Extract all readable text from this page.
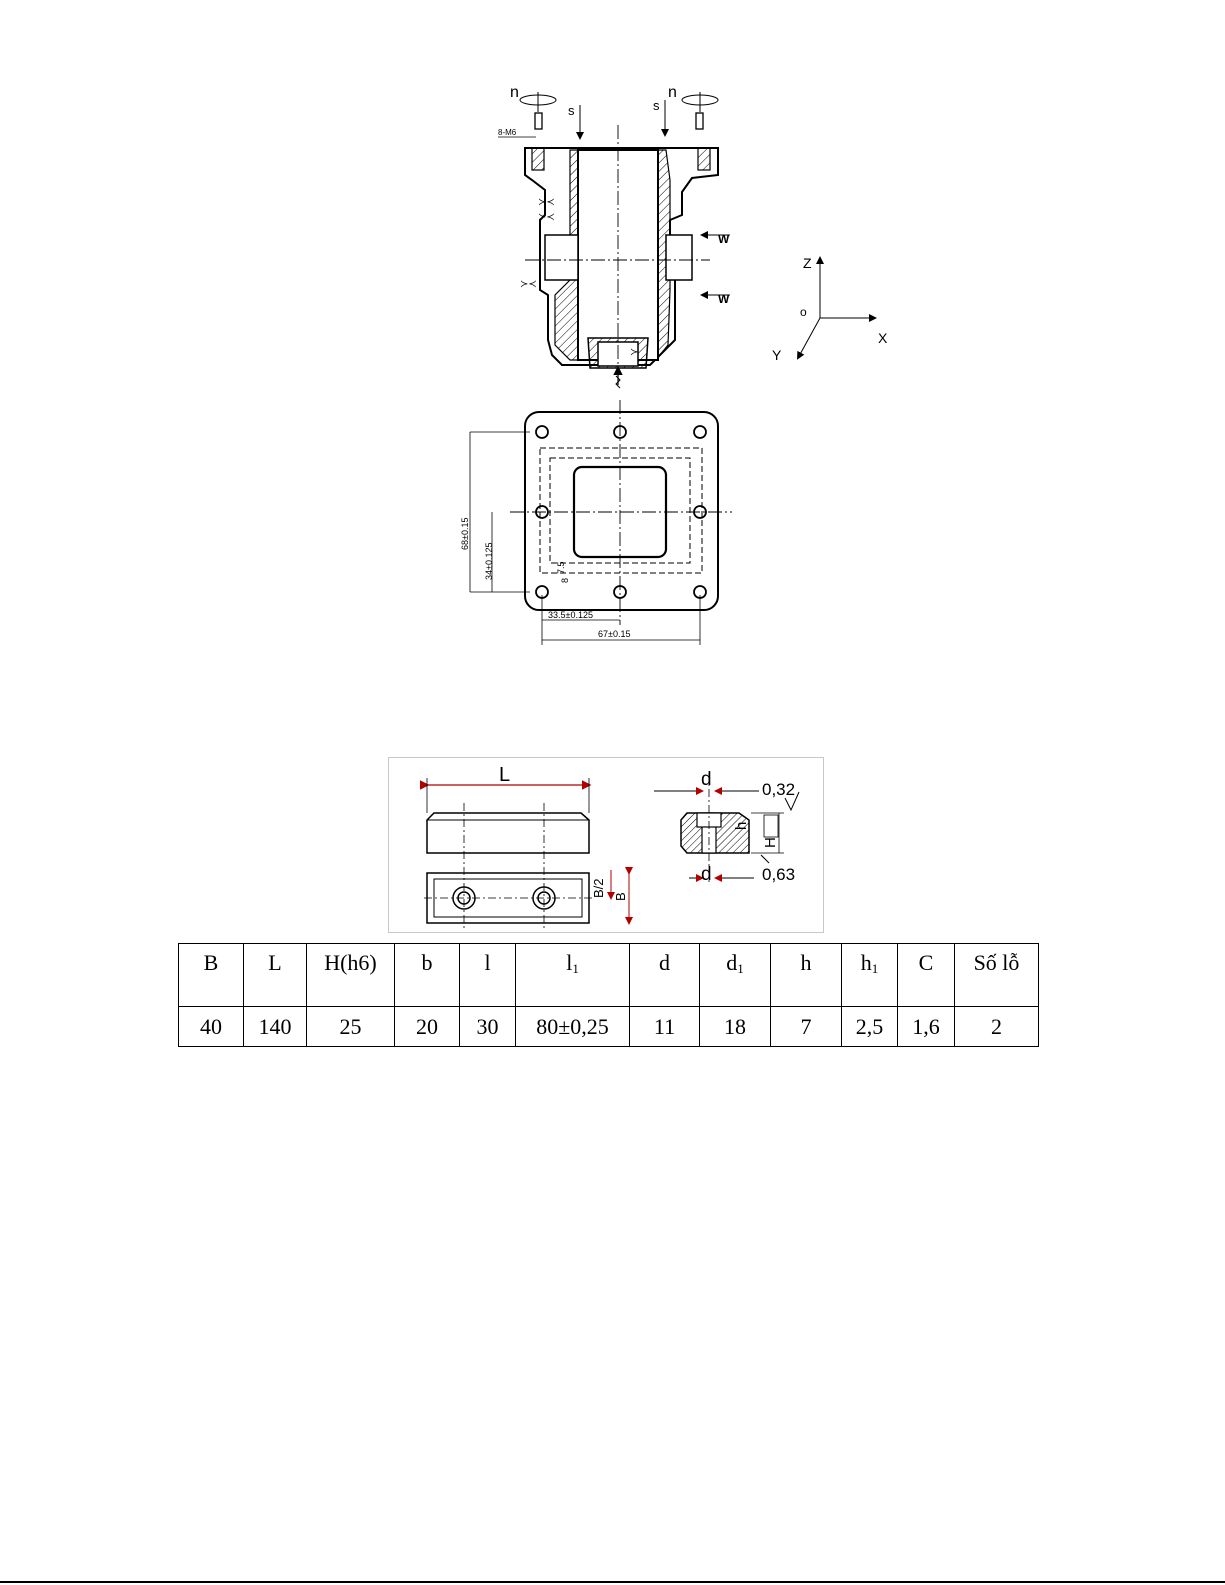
n	n
s	s
8-M6
≻≺
≻≺
≻≺
≻
W
W
Z
X
Y
o
68±0.15
34±0.125	7.5
8
33.5±0.125
67±0.15
L
B/2 B
d
d
0,32
0,63
h
H
B	L	H(h6)	b	l	l1	d	d1	h	h1	C	Số lỗ
40	140	25	20	30	80±0,25	11	18	7	2,5	1,6	2
